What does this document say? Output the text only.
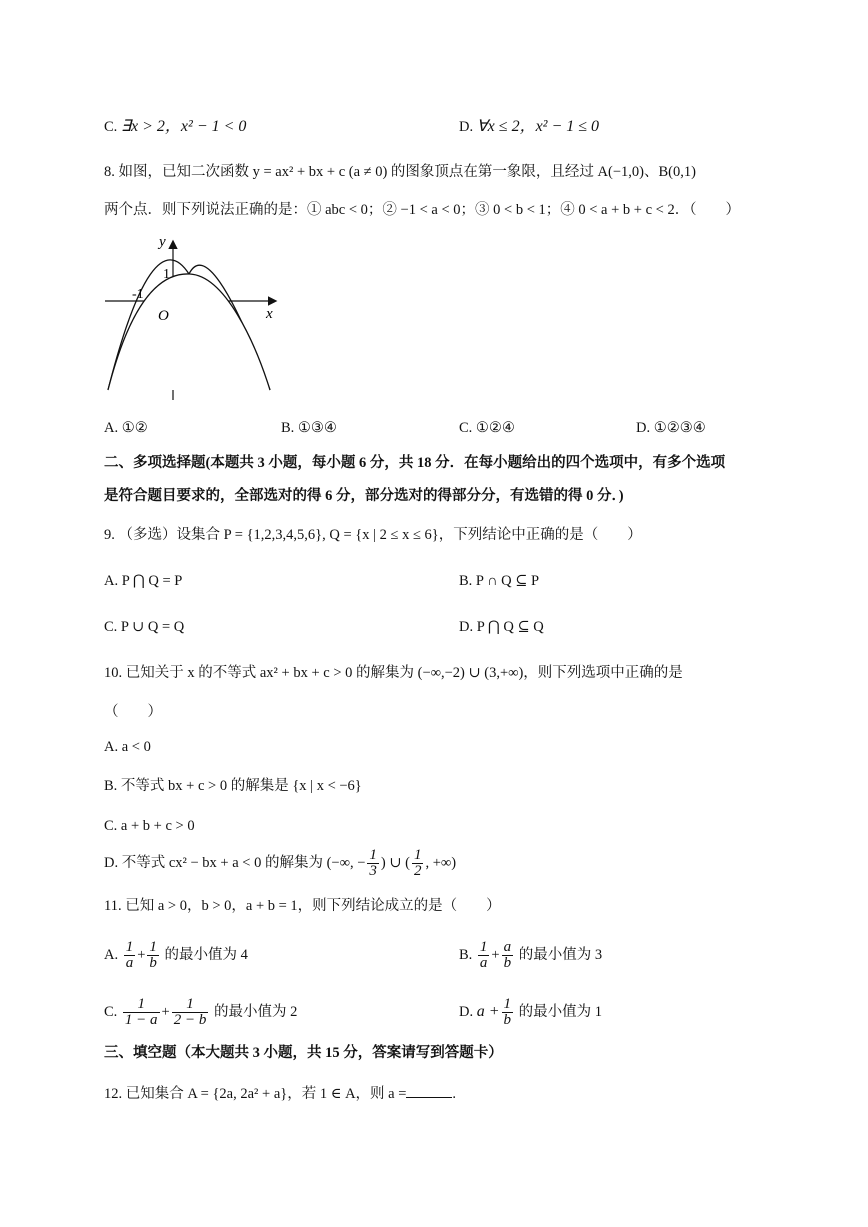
C. ∃x > 2，x² − 1 < 0	D. ∀x ≤ 2，x² − 1 ≤ 0
8. 如图，已知二次函数 y = ax² + bx + c (a ≠ 0) 的图象顶点在第一象限，且经过 A(−1,0)、B(0,1)
两个点．则下列说法正确的是：① abc < 0；② −1 < a < 0；③ 0 < b < 1；④ 0 < a + b + c < 2．（　　）
y
x
O
1
-1
A. ①②	B. ①③④	C. ①②④	D. ①②③④
二、多项选择题(本题共 3 小题，每小题 6 分，共 18 分．在每小题给出的四个选项中，有多个选项
是符合题目要求的，全部选对的得 6 分，部分选对的得部分分，有选错的得 0 分．)
9. （多选）设集合 P = {1,2,3,4,5,6}, Q = {x | 2 ≤ x ≤ 6}，下列结论中正确的是（　　）
A. P ⋂ Q = P	B. P ∩ Q ⊆ P
C. P ∪ Q = Q	D. P ⋂ Q ⊆ Q
10. 已知关于 x 的不等式 ax² + bx + c > 0 的解集为 (−∞,−2) ∪ (3,+∞)，则下列选项中正确的是
（　　）
A. a < 0
B. 不等式 bx + c > 0 的解集是 {x | x < −6}
C. a + b + c > 0
D. 不等式 cx² − bx + a < 0 的解集为 (−∞, − $\frac{1}{3}$ ) ∪ ( $\frac{1}{2}$ , +∞)
11. 已知 a > 0，b > 0，a + b = 1，则下列结论成立的是（　　）
A. $\frac{1}{a} + \frac{1}{b}$ 的最小值为 4	B. $\frac{1}{a} + \frac{a}{b}$ 的最小值为 3
C. $\frac{1}{1 - a} + \frac{1}{2 - b}$ 的最小值为 2	D. $a + \frac{1}{b}$ 的最小值为 1
三、填空题（本大题共 3 小题，共 15 分，答案请写到答题卡）
12. 已知集合 A = {2a, 2a² + a}，若 1 ∈ A，则 a =	.
